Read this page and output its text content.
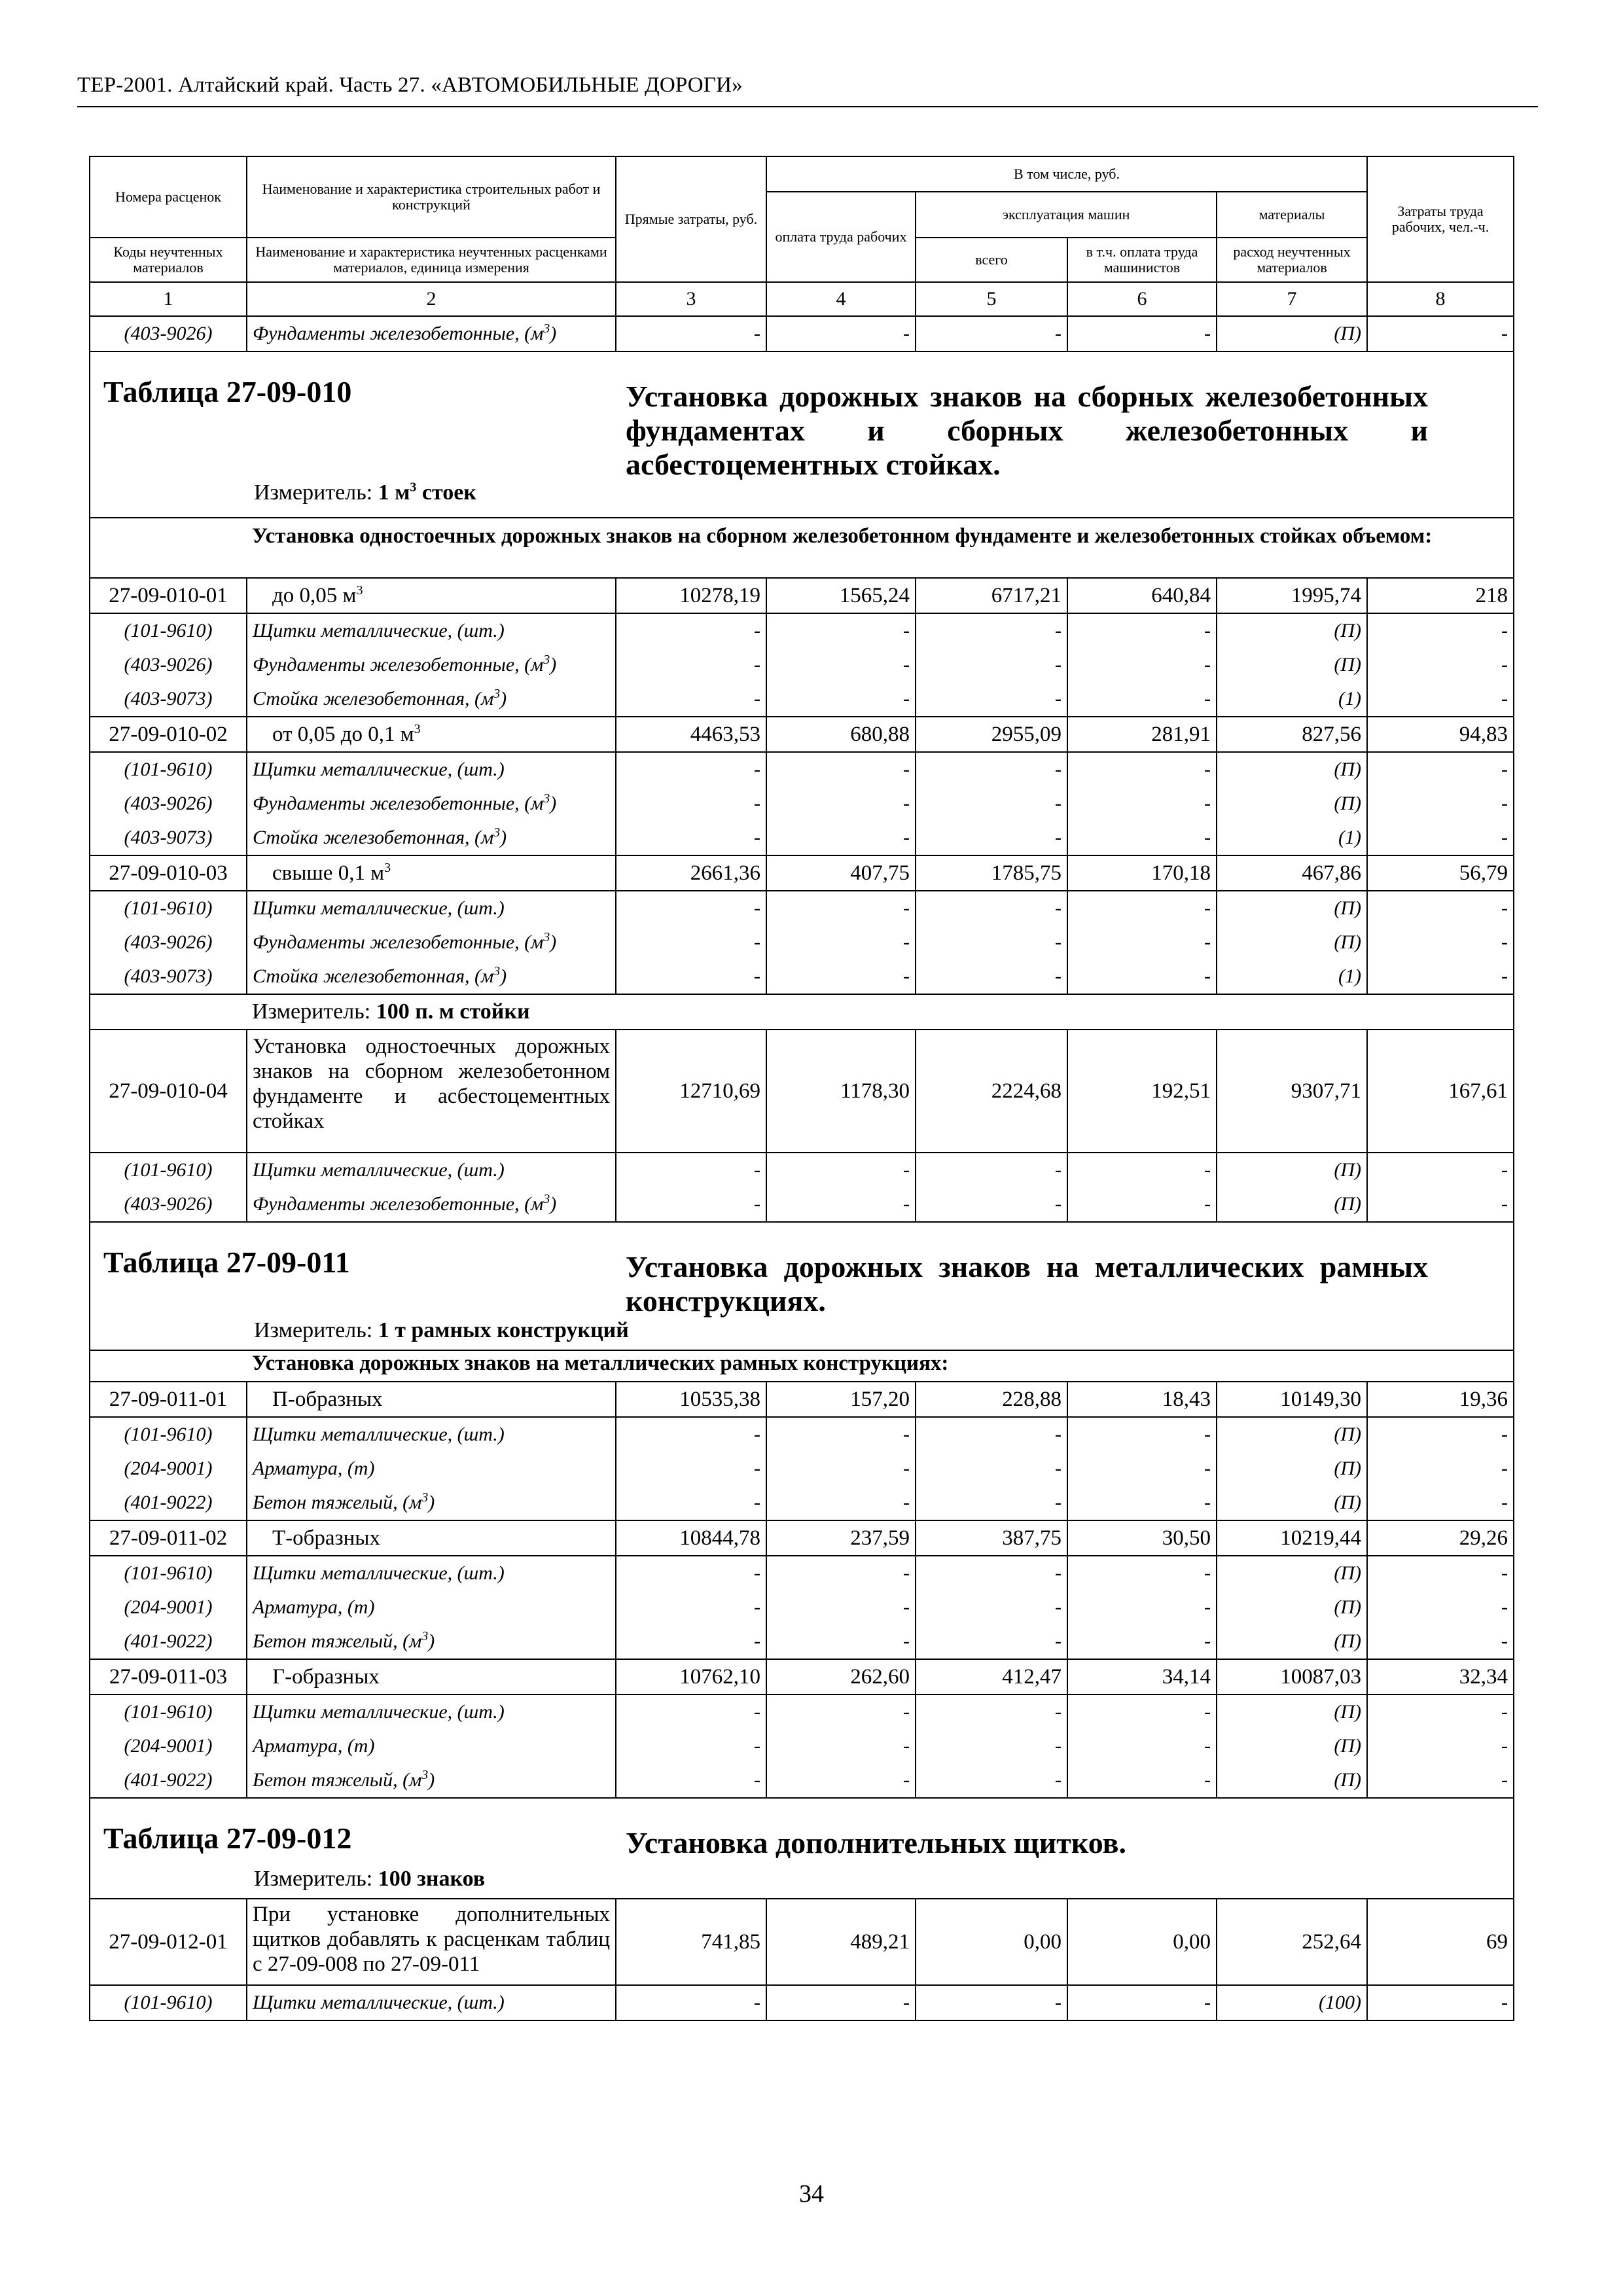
ТЕР-2001. Алтайский край. Часть 27. «АВТОМОБИЛЬНЫЕ ДОРОГИ»
Номера расценок	Наименование и характеристика строительных работ и конструкций	Прямые затраты, руб.	В том числе, руб.				Затраты труда рабочих, чел.-ч.
			оплата труда рабочих	эксплуатация машин		материалы	
Коды неучтенных материалов	Наименование и характеристика неучтенных расценками материалов, единица измерения			всего	в т.ч. оплата труда машинистов	расход неучтенных материалов	

1	2	3	4	5	6	7	8
(403-9026)	Фундаменты железобетонные, $(м^3)$	-	-	-	-	(П)	-

Таблица 27-09-010 Установка дорожных знаков на сборных железобетонных фундаментах и сборных железобетонных и асбестоцементных стойках.
Измеритель: 1 $м^3$ стоек							

	Установка одностоечных дорожных знаков на сборном железобетонном фундаменте и железобетонных стойках объемом:						
27-09-010-01	до 0,05 $м^3$	10278,19	1565,24	6717,21	640,84	1995,74	218
(101-9610)	Щитки металлические, (шт.)	-	-	-	-	(П)	-
(403-9026)	Фундаменты железобетонные, $(м^3)$	-	-	-	-	(П)	-
(403-9073)	Стойка железобетонная, $(м^3)$	-	-	-	-	(1)	-
27-09-010-02	от 0,05 до 0,1 $м^3$	4463,53	680,88	2955,09	281,91	827,56	94,83
(101-9610)	Щитки металлические, (шт.)	-	-	-	-	(П)	-
(403-9026)	Фундаменты железобетонные, $(м^3)$	-	-	-	-	(П)	-
(403-9073)	Стойка железобетонная, $(м^3)$	-	-	-	-	(1)	-
27-09-010-03	свыше 0,1 $м^3$	2661,36	407,75	1785,75	170,18	467,86	56,79
(101-9610)	Щитки металлические, (шт.)	-	-	-	-	(П)	-
(403-9026)	Фундаменты железобетонные, $(м^3)$	-	-	-	-	(П)	-
(403-9073)	Стойка железобетонная, $(м^3)$	-	-	-	-	(1)	-
	Измеритель: 100 п. м стойки						
27-09-010-04	Установка одностоечных дорожных знаков на сборном железобетонном фундаменте и асбестоцементных стойках	12710,69	1178,30	2224,68	192,51	9307,71	167,61
(101-9610)	Щитки металлические, (шт.)	-	-	-	-	(П)	-
(403-9026)	Фундаменты железобетонные, $(м^3)$	-	-	-	-	(П)	-

Таблица 27-09-011 Установка дорожных знаков на металлических рамных конструкциях.
Измеритель: 1 т рамных конструкций							

	Установка дорожных знаков на металлических рамных конструкциях:						
27-09-011-01	П-образных	10535,38	157,20	228,88	18,43	10149,30	19,36
(101-9610)	Щитки металлические, (шт.)	-	-	-	-	(П)	-
(204-9001)	Арматура, (т)	-	-	-	-	(П)	-
(401-9022)	Бетон тяжелый, $(м^3)$	-	-	-	-	(П)	-
27-09-011-02	Т-образных	10844,78	237,59	387,75	30,50	10219,44	29,26
(101-9610)	Щитки металлические, (шт.)	-	-	-	-	(П)	-
(204-9001)	Арматура, (т)	-	-	-	-	(П)	-
(401-9022)	Бетон тяжелый, $(м^3)$	-	-	-	-	(П)	-
27-09-011-03	Г-образных	10762,10	262,60	412,47	34,14	10087,03	32,34
(101-9610)	Щитки металлические, (шт.)	-	-	-	-	(П)	-
(204-9001)	Арматура, (т)	-	-	-	-	(П)	-
(401-9022)	Бетон тяжелый, $(м^3)$	-	-	-	-	(П)	-

Таблица 27-09-012 Установка дополнительных щитков.
Измеритель: 100 знаков							

27-09-012-01	При установке дополнительных щитков добавлять к расценкам таблиц с 27-09-008 по 27-09-011	741,85	489,21	0,00	0,00	252,64	69
(101-9610)	Щитки металлические, (шт.)	-	-	-	-	(100)	-
34
